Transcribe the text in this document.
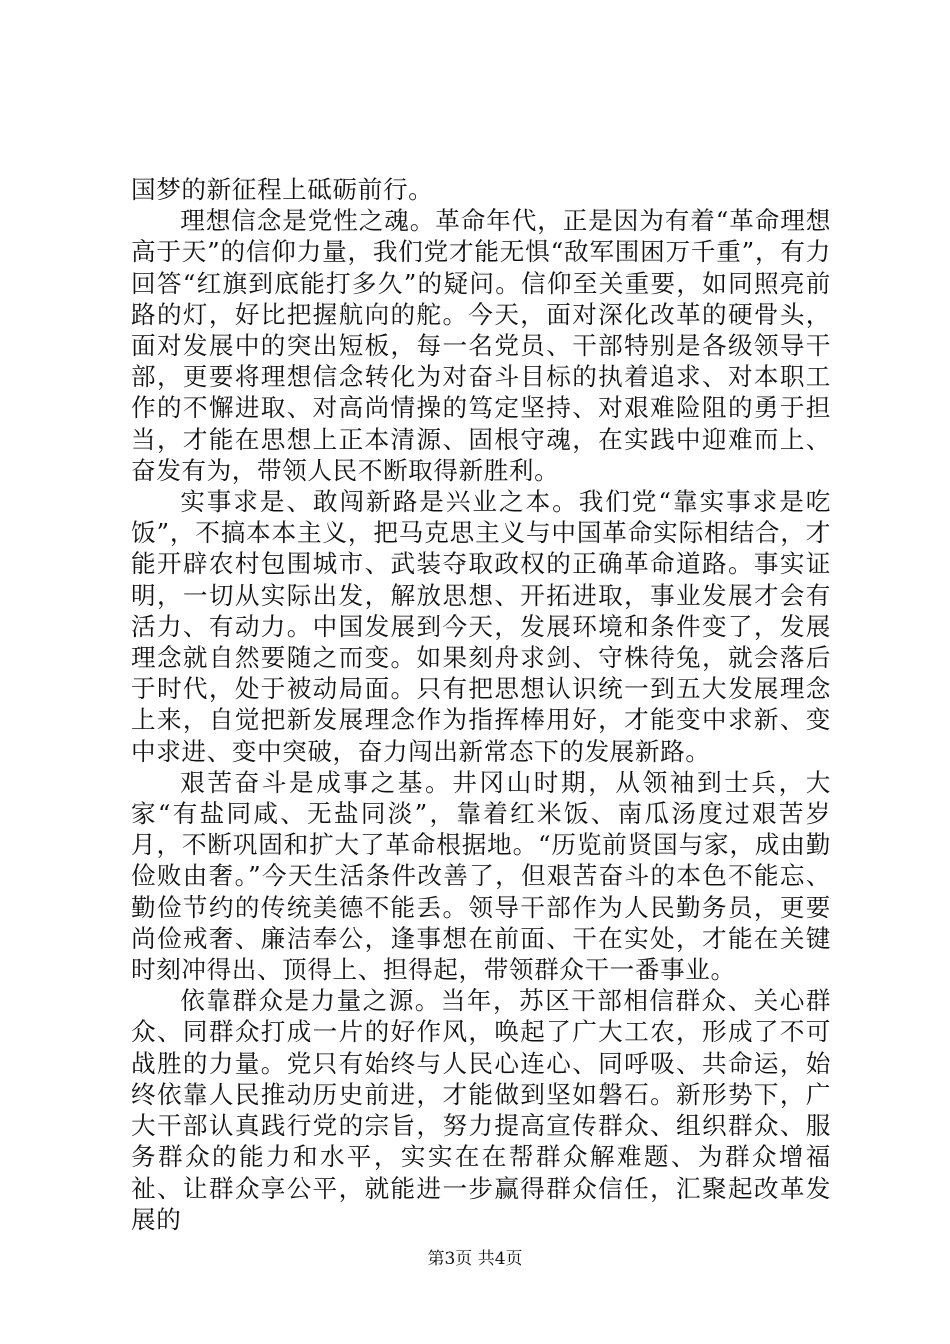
国梦的新征程上砥砺前行。

理想信念是党性之魂。革命年代，正是因为有着“革命理想高于天”的信仰力量，我们党才能无惧“敌军围困万千重”，有力回答“红旗到底能打多久”的疑问。信仰至关重要，如同照亮前路的灯，好比把握航向的舵。今天，面对深化改革的硬骨头，面对发展中的突出短板，每一名党员、干部特别是各级领导干部，更要将理想信念转化为对奋斗目标的执着追求、对本职工作的不懈进取、对高尚情操的笃定坚持、对艰难险阻的勇于担当，才能在思想上正本清源、固根守魂，在实践中迎难而上、奋发有为，带领人民不断取得新胜利。

实事求是、敢闯新路是兴业之本。我们党“靠实事求是吃饭”，不搞本本主义，把马克思主义与中国革命实际相结合，才能开辟农村包围城市、武装夺取政权的正确革命道路。事实证明，一切从实际出发，解放思想、开拓进取，事业发展才会有活力、有动力。中国发展到今天，发展环境和条件变了，发展理念就自然要随之而变。如果刻舟求剑、守株待兔，就会落后于时代，处于被动局面。只有把思想认识统一到五大发展理念上来，自觉把新发展理念作为指挥棒用好，才能变中求新、变中求进、变中突破，奋力闯出新常态下的发展新路。

艰苦奋斗是成事之基。井冈山时期，从领袖到士兵，大家“有盐同咸、无盐同淡”，靠着红米饭、南瓜汤度过艰苦岁月，不断巩固和扩大了革命根据地。“历览前贤国与家，成由勤俭败由奢。”今天生活条件改善了，但艰苦奋斗的本色不能忘、勤俭节约的传统美德不能丢。领导干部作为人民勤务员，更要尚俭戒奢、廉洁奉公，逢事想在前面、干在实处，才能在关键时刻冲得出、顶得上、担得起，带领群众干一番事业。

依靠群众是力量之源。当年，苏区干部相信群众、关心群众、同群众打成一片的好作风，唤起了广大工农，形成了不可战胜的力量。党只有始终与人民心连心、同呼吸、共命运，始终依靠人民推动历史前进，才能做到坚如磐石。新形势下，广大干部认真践行党的宗旨，努力提高宣传群众、组织群众、服务群众的能力和水平，实实在在帮群众解难题、为群众增福祉、让群众享公平，就能进一步赢得群众信任，汇聚起改革发展的

第3页 共4页
